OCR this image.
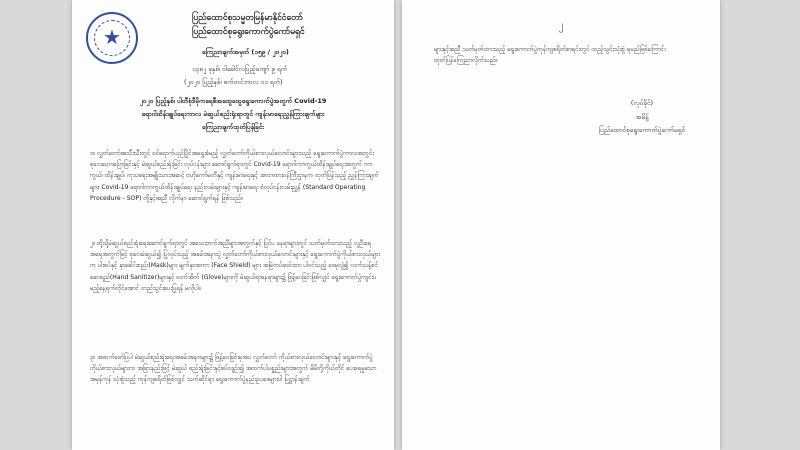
★
ပြည်ထောင်စုသမ္မတမြန်မာနိုင်ငံတော်
ပြည်ထောင်စုရွေးကောက်ပွဲကော်မရှင်
ကြေညာချက်အမှတ် (၁၅၉ / ၂၀၂၀)
၁၃၈၂ ခုနှစ်၊ ဝါခေါင်လပြည့်ကျော် ၉ ရက်
(၂၀၂၀ ပြည့်နှစ်၊ စက်တင်ဘာလ ၁၁ ရက်)
၂၀၂၀ ပြည့်နှစ်၊ ပါတီစုံဒီမိုကရေစီအထွေထွေရွေးကောက်ပွဲအတွက် Covid-19
ရောဂါထိန်းချုပ်ရေးကာလ မဲဆွယ်စည်းရုံးရာတွင် ကျန်းမာရေးညွှန်ကြားချက်များ
ကြေညာချက်ထုတ်ပြန်ခြင်း
၁။ လွှတ်တော်အသီးသီးတွင် ဝင်ရောက်ယှဉ်ပြိုင်အရွေးခံမည့် လွှတ်တော်ကိုယ်စားလှယ်လောင်းများသည် ရွေးကောက်ပွဲကာလအတွင်း စုဝေးဟောပြောခြင်းနှင့် မဲဆွယ်စည်းရုံးခြင်း လုပ်ငန်းများ ဆောင်ရွက်ရာတွင် Covid-19 ရောဂါကာကွယ်ထိန်းချုပ်ရေးအတွက် ကာကွယ်၊ ထိန်းချုပ်၊ ကုသရေးအမျိုးသားအဆင့် ဗဟိုကော်မတီနှင့် ကျန်းမာရေးနှင့် အားကစားဝန်ကြီးဌာနက ထုတ်ပြန်သည့် ညွှန်ကြားချက်များ၊ Covid-19 ရောဂါကာကွယ်ထိန်းချုပ်ရေး နည်းလမ်းများနှင့် ကျန်းမာရေး စံလုပ်ငန်းလမ်းညွှန် (Standard Operating Procedure - SOP) တို့နှင့်အညီ လိုက်နာ ဆောင်ရွက်ရန် ဖြစ်သည်။
၂။ ထို့သို့မဲဆွယ်စည်းရုံးရေးဆောင်ရွက်ရာတွင် အသေးဘက်အညီများအတွက်နှင့် ပြင်ပ နေရာများတွင် သတ်မှတ်ထားသည့် လူဦးရေ အရေအတွက်ဖြင့် စုဝေးမဲဆွယ်၍ ပြုလုပ်သည့် အခမ်းအနားပွဲ လွှတ်တော်ကိုယ်စားလှယ်လောင်းများနှင့် ရွေးကောက်ပွဲကိုယ်စားလှယ်များက ပါးစပ်နှင့် နှာခေါင်းစည်း(Mask)များ မျက်နှာအကာ (Face Shield) များ အမြဲတပ်ဆင်ထား ပါဝင်သည့် ဒေမှလွဲ၍ လက်သန့်စင်ဆေးရည်(Hand Sanitizer)များနှင့် လက်အိတ် (Glove)များကို မဲဆွယ်ရာနေရာများ၌ ဖြန့်ဝေခြင်းဖြစ်လျှင် ရွေးကောက်ပွဲကျင်းပမည့်နေ့ရက်တိုင်အောင် တည်သွင်းပေးပြုရန် မလိုပါ။
၃။ အထက်ဖော်ပြပါ မဲဆွယ်စည်းရုံးရေးအခမ်းအနားများ၌ ဖြန့်ဝေခြင်းမှအပ လွှတ်တော် ကိုယ်စားလှယ်လောင်းများနှင့် ရွေးကောက်ပွဲကိုယ်စားလှယ်များက အခြားနည်းဖြင့် မဲဆွယ် စည်းရုံးခြင်းနှင့်စပ်လျဉ်း၍ အထက်ပါပစ္စည်းများအတွက် မိမိတို့ကိုယ်တိုင် ပေးရေမှုသော အမှန်ကုန် သုံးစွဲသည့် ကုန်ကျစရိတ်ဖြစ်လျှင် သက်ဆိုင်ရာ ရွေးကောက်ပွဲနည်းဥပဒေများပါ ပြဋ္ဌာန်းချက်
၂
များနှင့်အညီ သတ်မှတ်ထားသည့် ရွေးကောက်ပွဲကုန်ကျစရိတ်စာရင်းတွင် ထည့်သွင်းသုံးစွဲ ရမည်ဖြစ်ကြောင်း ထုတ်ပြန်ကြေညာလိုက်သည်။
(လုပ်ခိုင်)
အမိန့်
ပြည်ထောင်စုရွေးကောက်ပွဲကော်မရှင်
